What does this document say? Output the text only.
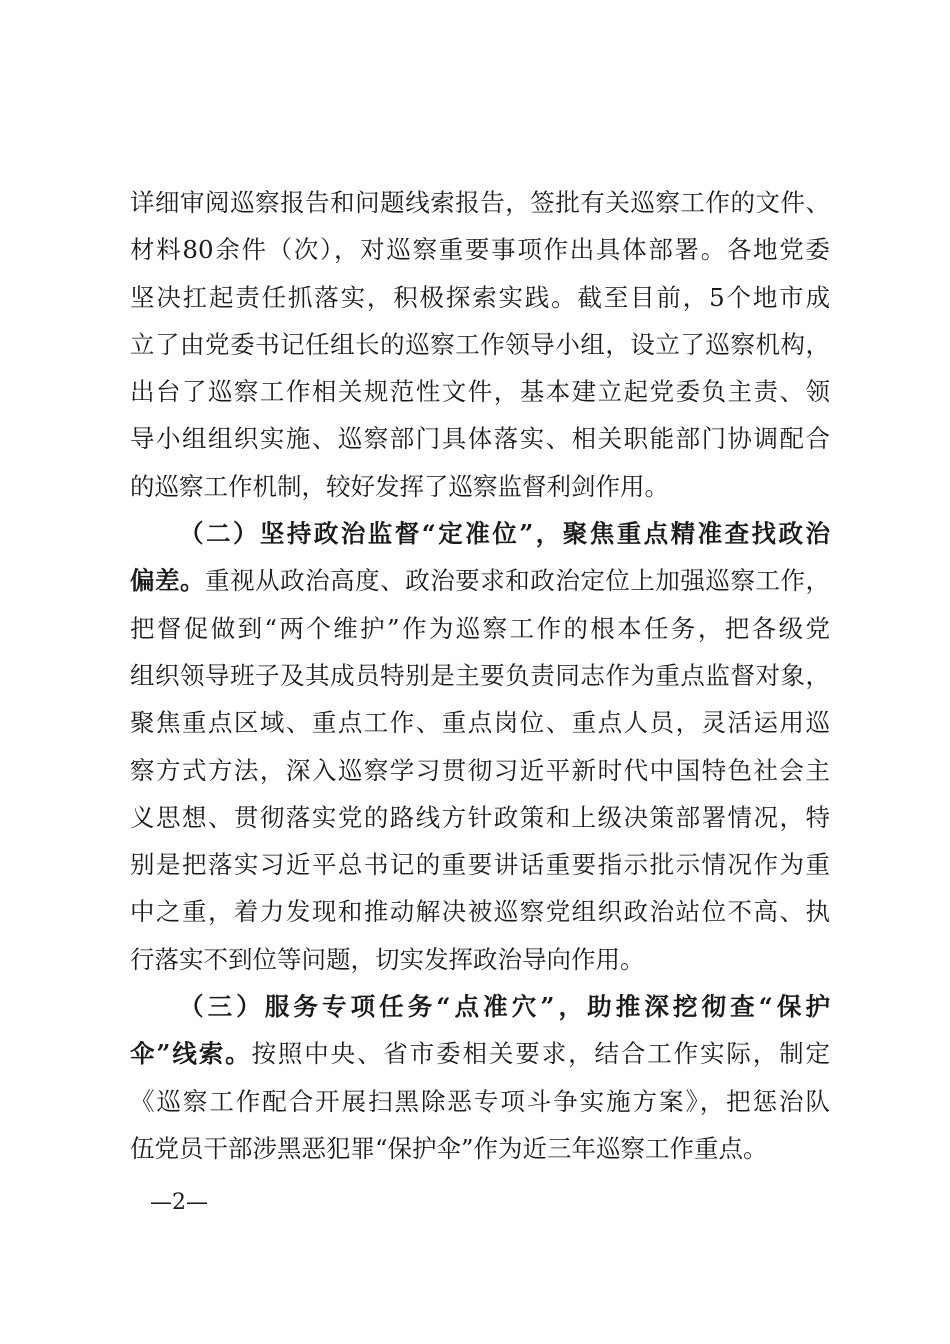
详细审阅巡察报告和问题线索报告，签批有关巡察工作的文件、
材料80余件（次），对巡察重要事项作出具体部署。各地党委
坚决扛起责任抓落实，积极探索实践。截至目前，5个地市成
立了由党委书记任组长的巡察工作领导小组，设立了巡察机构，
出台了巡察工作相关规范性文件，基本建立起党委负主责、领
导小组组织实施、巡察部门具体落实、相关职能部门协调配合
的巡察工作机制，较好发挥了巡察监督利剑作用。
（二）坚持政治监督“定准位”，聚焦重点精准查找政治
偏差。重视从政治高度、政治要求和政治定位上加强巡察工作，
把督促做到“两个维护”作为巡察工作的根本任务，把各级党
组织领导班子及其成员特别是主要负责同志作为重点监督对象，
聚焦重点区域、重点工作、重点岗位、重点人员，灵活运用巡
察方式方法，深入巡察学习贯彻习近平新时代中国特色社会主
义思想、贯彻落实党的路线方针政策和上级决策部署情况，特
别是把落实习近平总书记的重要讲话重要指示批示情况作为重
中之重，着力发现和推动解决被巡察党组织政治站位不高、执
行落实不到位等问题，切实发挥政治导向作用。
（三）服务专项任务“点准穴”，助推深挖彻查“保护
伞”线索。按照中央、省市委相关要求，结合工作实际，制定
《巡察工作配合开展扫黑除恶专项斗争实施方案》，把惩治队
伍党员干部涉黑恶犯罪“保护伞”作为近三年巡察工作重点。
—2—
